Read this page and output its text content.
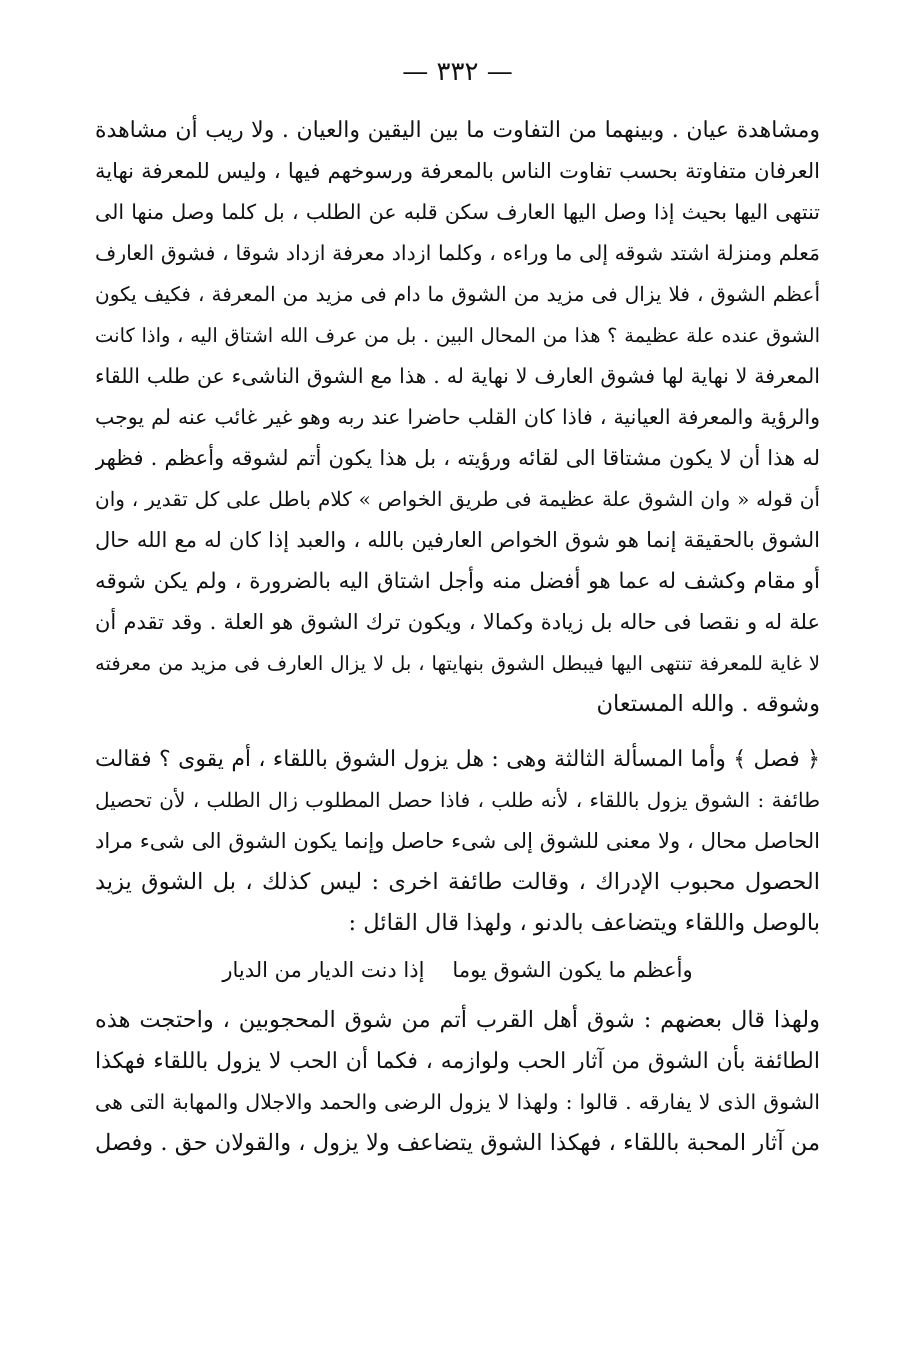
— ٣٣٢ —
ومشاهدة عيان . وبينهما من التفاوت ما بين اليقين والعيان . ولا ريب أن مشاهدة
العرفان متفاوتة بحسب تفاوت الناس بالمعرفة ورسوخهم فيها ، وليس للمعرفة نهاية
تنتهى اليها بحيث إذا وصل اليها العارف سكن قلبه عن الطلب ، بل كلما وصل منها الى
مَعلم ومنزلة اشتد شوقه إلى ما وراءه ، وكلما ازداد معرفة ازداد شوقا ، فشوق العارف
أعظم الشوق ، فلا يزال فى مزيد من الشوق ما دام فى مزيد من المعرفة ، فكيف يكون
الشوق عنده علة عظيمة ؟ هذا من المحال البين . بل من عرف الله اشتاق اليه ، واذا كانت
المعرفة لا نهاية لها فشوق العارف لا نهاية له . هذا مع الشوق الناشىء عن طلب اللقاء
والرؤية والمعرفة العيانية ، فاذا كان القلب حاضرا عند ربه وهو غير غائب عنه لم يوجب
له هذا أن لا يكون مشتاقا الى لقائه ورؤيته ، بل هذا يكون أتم لشوقه وأعظم . فظهر
أن قوله « وان الشوق علة عظيمة فى طريق الخواص » كلام باطل على كل تقدير ، وان
الشوق بالحقيقة إنما هو شوق الخواص العارفين بالله ، والعبد إذا كان له مع الله حال
أو مقام وكشف له عما هو أفضل منه وأجل اشتاق اليه بالضرورة ، ولم يكن شوقه
علة له و نقصا فى حاله بل زيادة وكمالا ، ويكون ترك الشوق هو العلة . وقد تقدم أن
لا غاية للمعرفة تنتهى اليها فيبطل الشوق بنهايتها ، بل لا يزال العارف فى مزيد من معرفته
وشوقه . والله المستعان
﴿ فصل ﴾ وأما المسألة الثالثة وهى : هل يزول الشوق باللقاء ، أم يقوى ؟ فقالت
طائفة : الشوق يزول باللقاء ، لأنه طلب ، فاذا حصل المطلوب زال الطلب ، لأن تحصيل
الحاصل محال ، ولا معنى للشوق إلى شىء حاصل وإنما يكون الشوق الى شىء مراد
الحصول محبوب الإدراك ، وقالت طائفة اخرى : ليس كذلك ، بل الشوق يزيد
بالوصل واللقاء ويتضاعف بالدنو ، ولهذا قال القائل :
وأعظم ما يكون الشوق يوما
إذا دنت الديار من الديار
ولهذا قال بعضهم : شوق أهل القرب أتم من شوق المحجوبين ، واحتجت هذه
الطائفة بأن الشوق من آثار الحب ولوازمه ، فكما أن الحب لا يزول باللقاء فهكذا
الشوق الذى لا يفارقه . قالوا : ولهذا لا يزول الرضى والحمد والاجلال والمهابة التى هى
من آثار المحبة باللقاء ، فهكذا الشوق يتضاعف ولا يزول ، والقولان حق . وفصل
